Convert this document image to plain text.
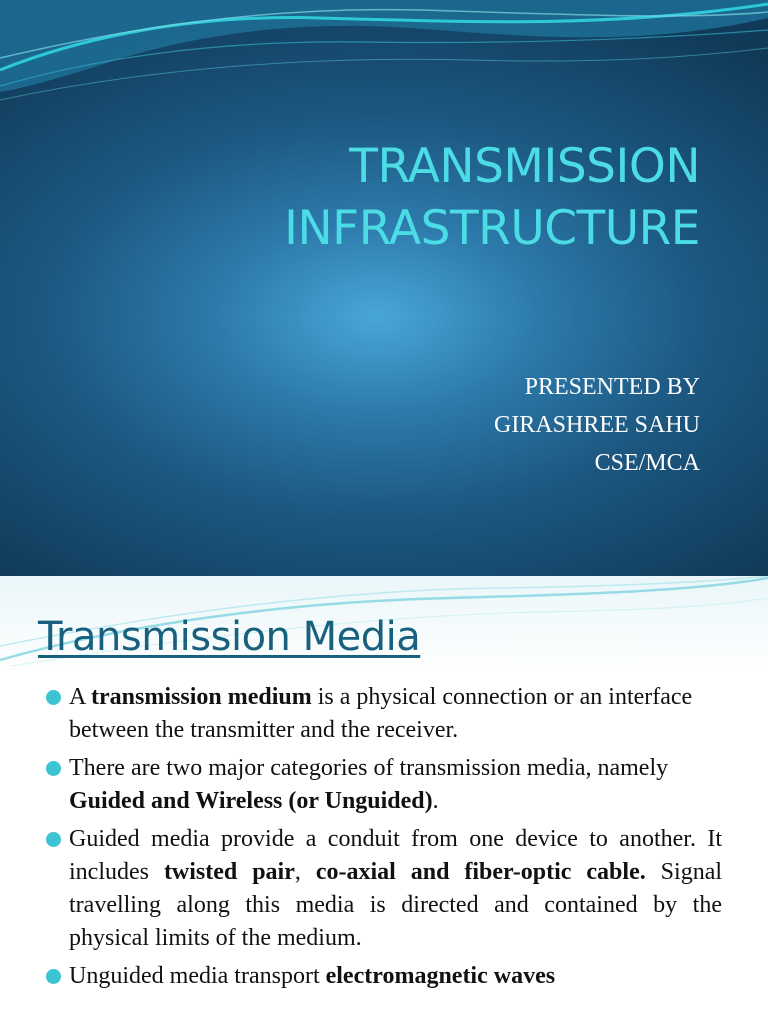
TRANSMISSION
INFRASTRUCTURE
PRESENTED BY
GIRASHREE SAHU
CSE/MCA
Transmission Media
A transmission medium is a physical connection or an interface between the transmitter and the receiver.
There are two major categories of transmission media, namely Guided and Wireless (or Unguided).
Guided media provide a conduit from one device to another. It includes twisted pair, co-axial and fiber-optic cable. Signal travelling along this media is directed and contained by the physical limits of the medium.
Unguided media transport electromagnetic waves
